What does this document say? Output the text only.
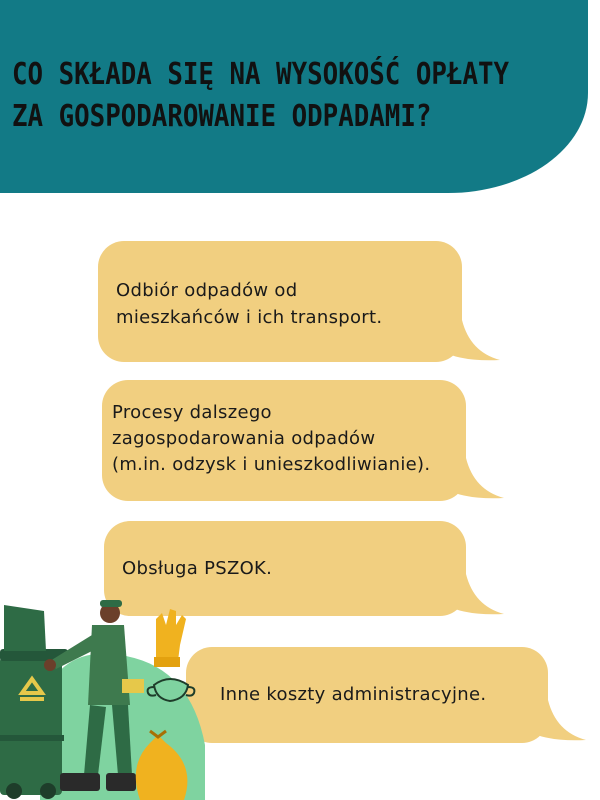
CO SKŁADA SIĘ NA WYSOKOŚĆ OPŁATY
ZA GOSPODAROWANIE ODPADAMI?
Odbiór odpadów od
mieszkańców i ich transport.
Procesy dalszego
zagospodarowania odpadów
(m.in. odzysk i unieszkodliwianie).
Obsługa PSZOK.
Inne koszty administracyjne.
